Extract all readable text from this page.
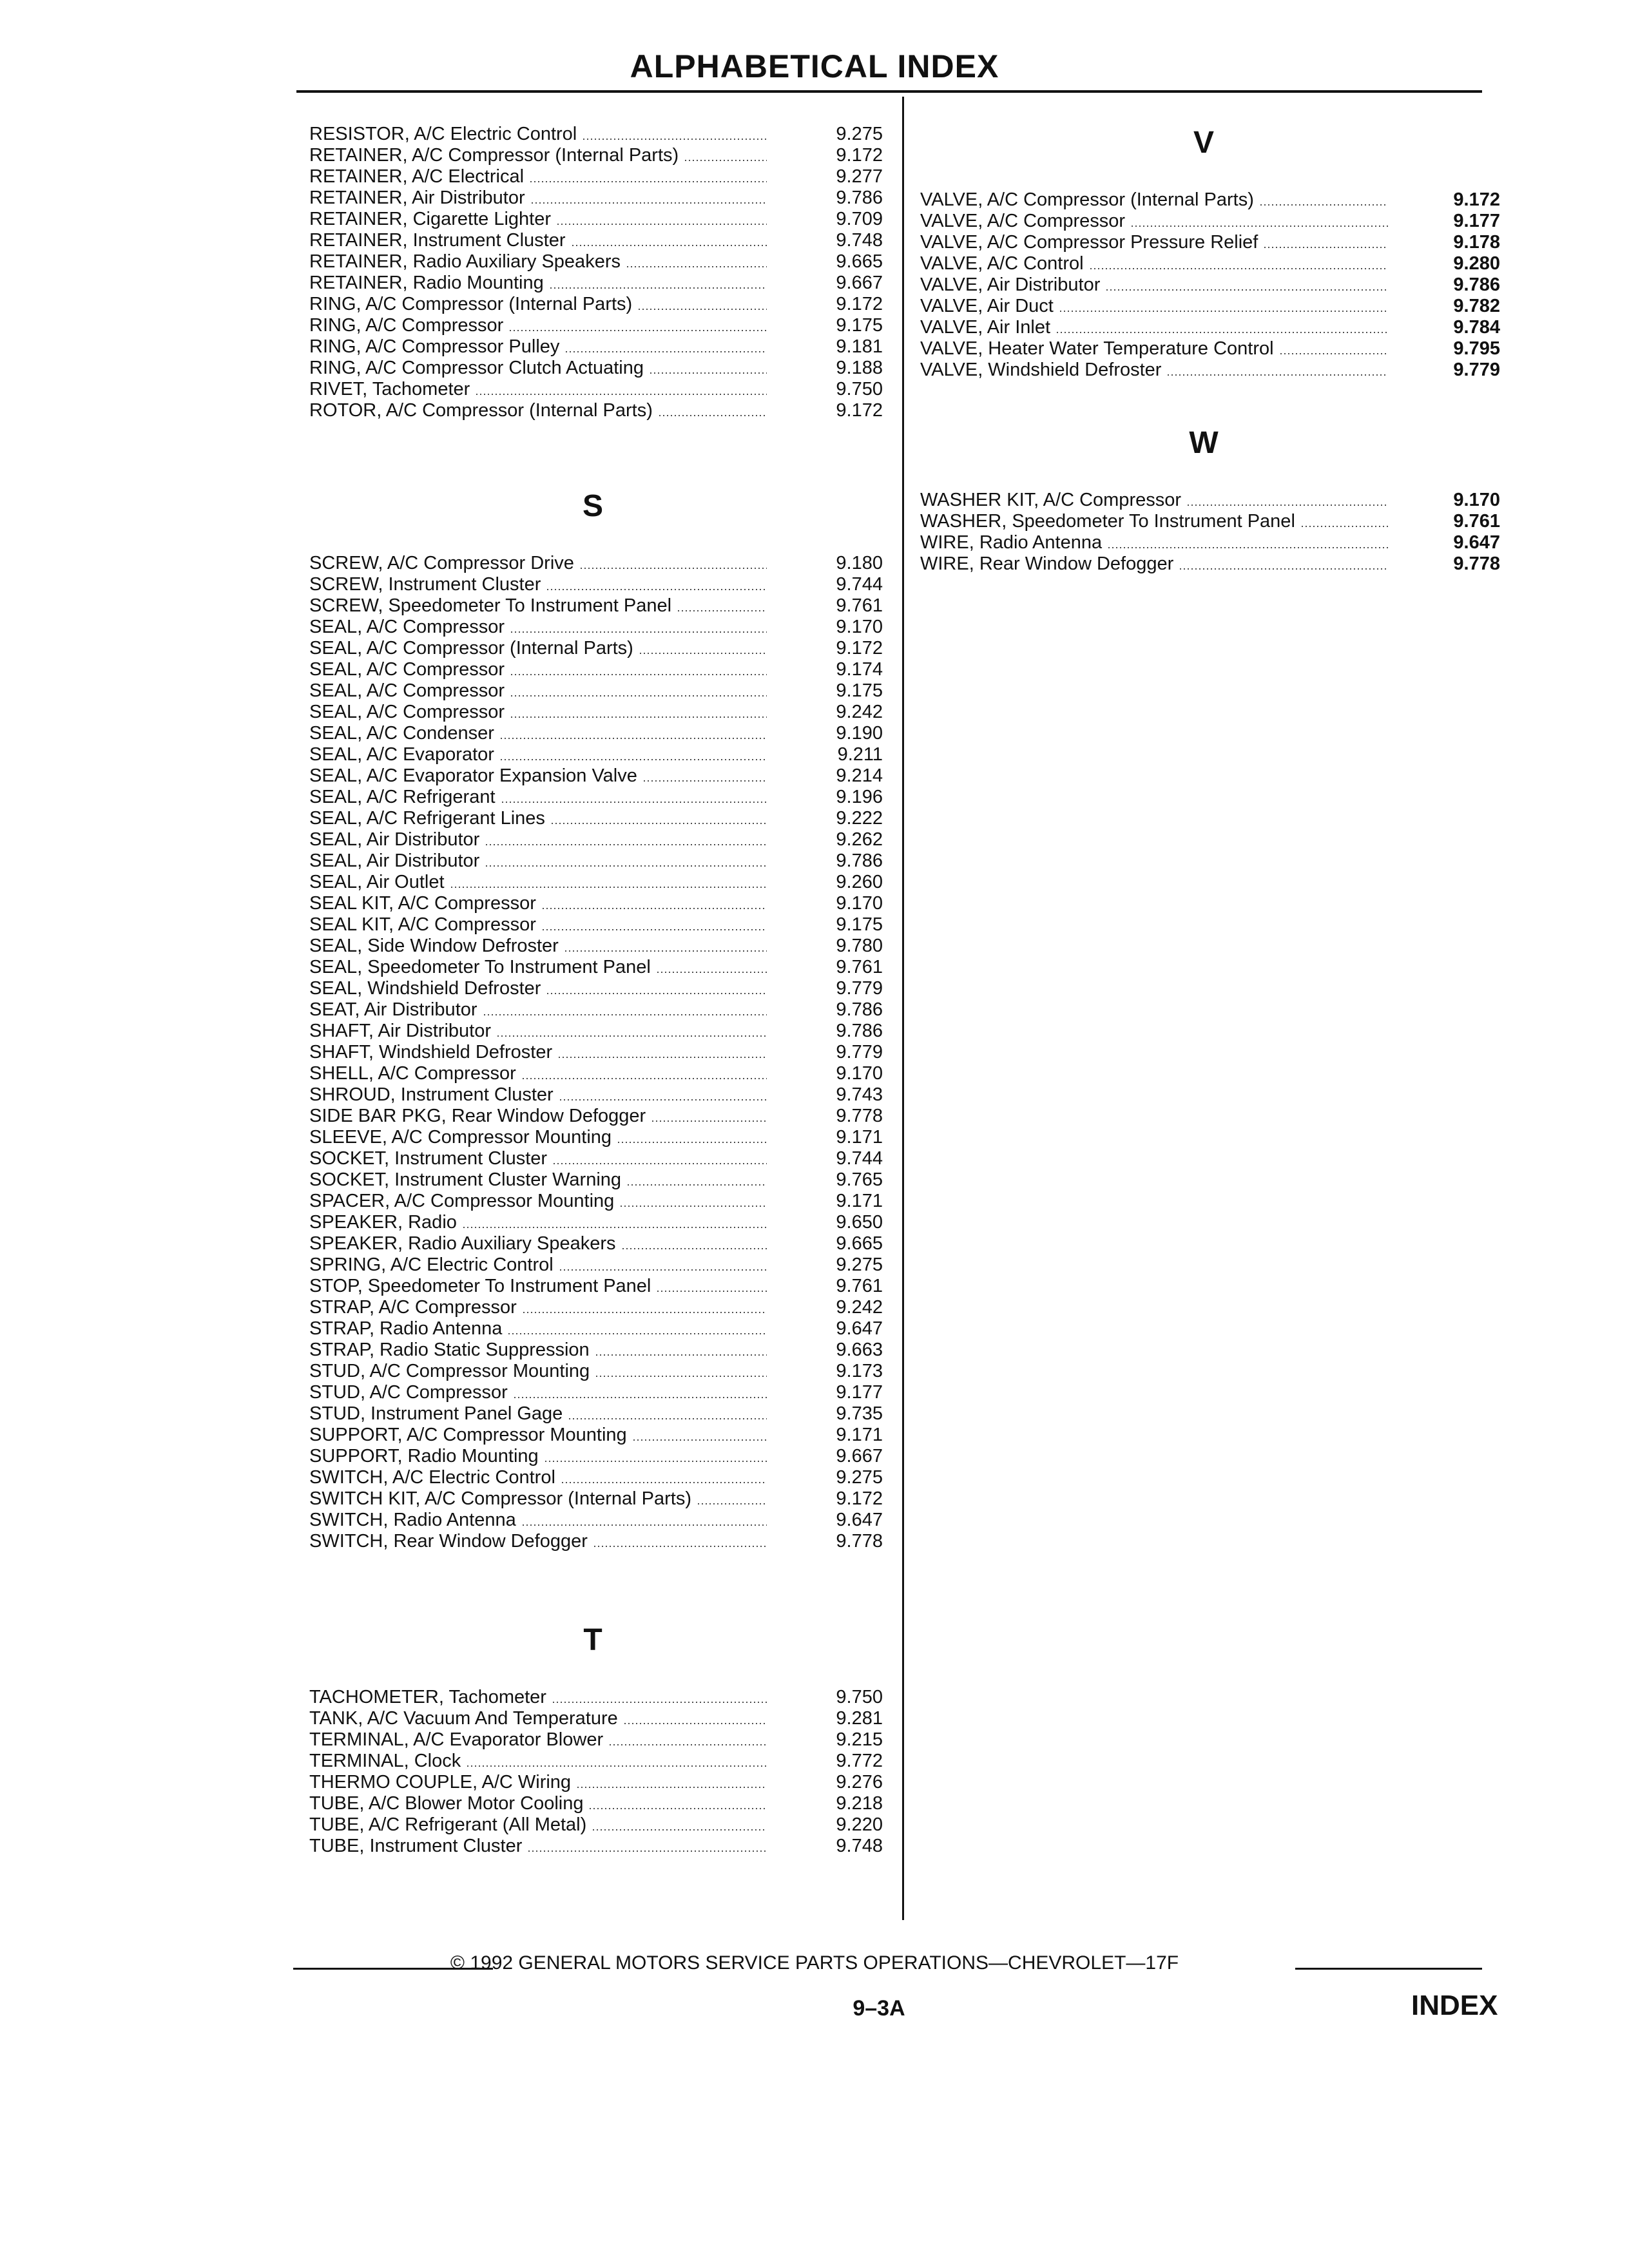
ALPHABETICAL INDEX
RESISTOR, A/C Electric Control	9.275
RETAINER, A/C Compressor (Internal Parts)	9.172
RETAINER, A/C Electrical	9.277
RETAINER, Air Distributor	9.786
RETAINER, Cigarette Lighter	9.709
RETAINER, Instrument Cluster	9.748
RETAINER, Radio Auxiliary Speakers	9.665
RETAINER, Radio Mounting	9.667
RING, A/C Compressor (Internal Parts)	9.172
RING, A/C Compressor	9.175
RING, A/C Compressor Pulley	9.181
RING, A/C Compressor Clutch Actuating	9.188
RIVET, Tachometer	9.750
ROTOR, A/C Compressor (Internal Parts)	9.172
S
SCREW, A/C Compressor Drive	9.180
SCREW, Instrument Cluster	9.744
SCREW, Speedometer To Instrument Panel	9.761
SEAL, A/C Compressor	9.170
SEAL, A/C Compressor (Internal Parts)	9.172
SEAL, A/C Compressor	9.174
SEAL, A/C Compressor	9.175
SEAL, A/C Compressor	9.242
SEAL, A/C Condenser	9.190
SEAL, A/C Evaporator	9.211
SEAL, A/C Evaporator Expansion Valve	9.214
SEAL, A/C Refrigerant	9.196
SEAL, A/C Refrigerant Lines	9.222
SEAL, Air Distributor	9.262
SEAL, Air Distributor	9.786
SEAL, Air Outlet	9.260
SEAL KIT, A/C Compressor	9.170
SEAL KIT, A/C Compressor	9.175
SEAL, Side Window Defroster	9.780
SEAL, Speedometer To Instrument Panel	9.761
SEAL, Windshield Defroster	9.779
SEAT, Air Distributor	9.786
SHAFT, Air Distributor	9.786
SHAFT, Windshield Defroster	9.779
SHELL, A/C Compressor	9.170
SHROUD, Instrument Cluster	9.743
SIDE BAR PKG, Rear Window Defogger	9.778
SLEEVE, A/C Compressor Mounting	9.171
SOCKET, Instrument Cluster	9.744
SOCKET, Instrument Cluster Warning	9.765
SPACER, A/C Compressor Mounting	9.171
SPEAKER, Radio	9.650
SPEAKER, Radio Auxiliary Speakers	9.665
SPRING, A/C Electric Control	9.275
STOP, Speedometer To Instrument Panel	9.761
STRAP, A/C Compressor	9.242
STRAP, Radio Antenna	9.647
STRAP, Radio Static Suppression	9.663
STUD, A/C Compressor Mounting	9.173
STUD, A/C Compressor	9.177
STUD, Instrument Panel Gage	9.735
SUPPORT, A/C Compressor Mounting	9.171
SUPPORT, Radio Mounting	9.667
SWITCH, A/C Electric Control	9.275
SWITCH KIT, A/C Compressor (Internal Parts)	9.172
SWITCH, Radio Antenna	9.647
SWITCH, Rear Window Defogger	9.778
T
TACHOMETER, Tachometer	9.750
TANK, A/C Vacuum And Temperature	9.281
TERMINAL, A/C Evaporator Blower	9.215
TERMINAL, Clock	9.772
THERMO COUPLE, A/C Wiring	9.276
TUBE, A/C Blower Motor Cooling	9.218
TUBE, A/C Refrigerant (All Metal)	9.220
TUBE, Instrument Cluster	9.748
V
VALVE, A/C Compressor (Internal Parts)	9.172
VALVE, A/C Compressor	9.177
VALVE, A/C Compressor Pressure Relief	9.178
VALVE, A/C Control	9.280
VALVE, Air Distributor	9.786
VALVE, Air Duct	9.782
VALVE, Air Inlet	9.784
VALVE, Heater Water Temperature Control	9.795
VALVE, Windshield Defroster	9.779
W
WASHER KIT, A/C Compressor	9.170
WASHER, Speedometer To Instrument Panel	9.761
WIRE, Radio Antenna	9.647
WIRE, Rear Window Defogger	9.778
© 1992 GENERAL MOTORS SERVICE PARTS OPERATIONS—CHEVROLET—17F
9–3A	INDEX
